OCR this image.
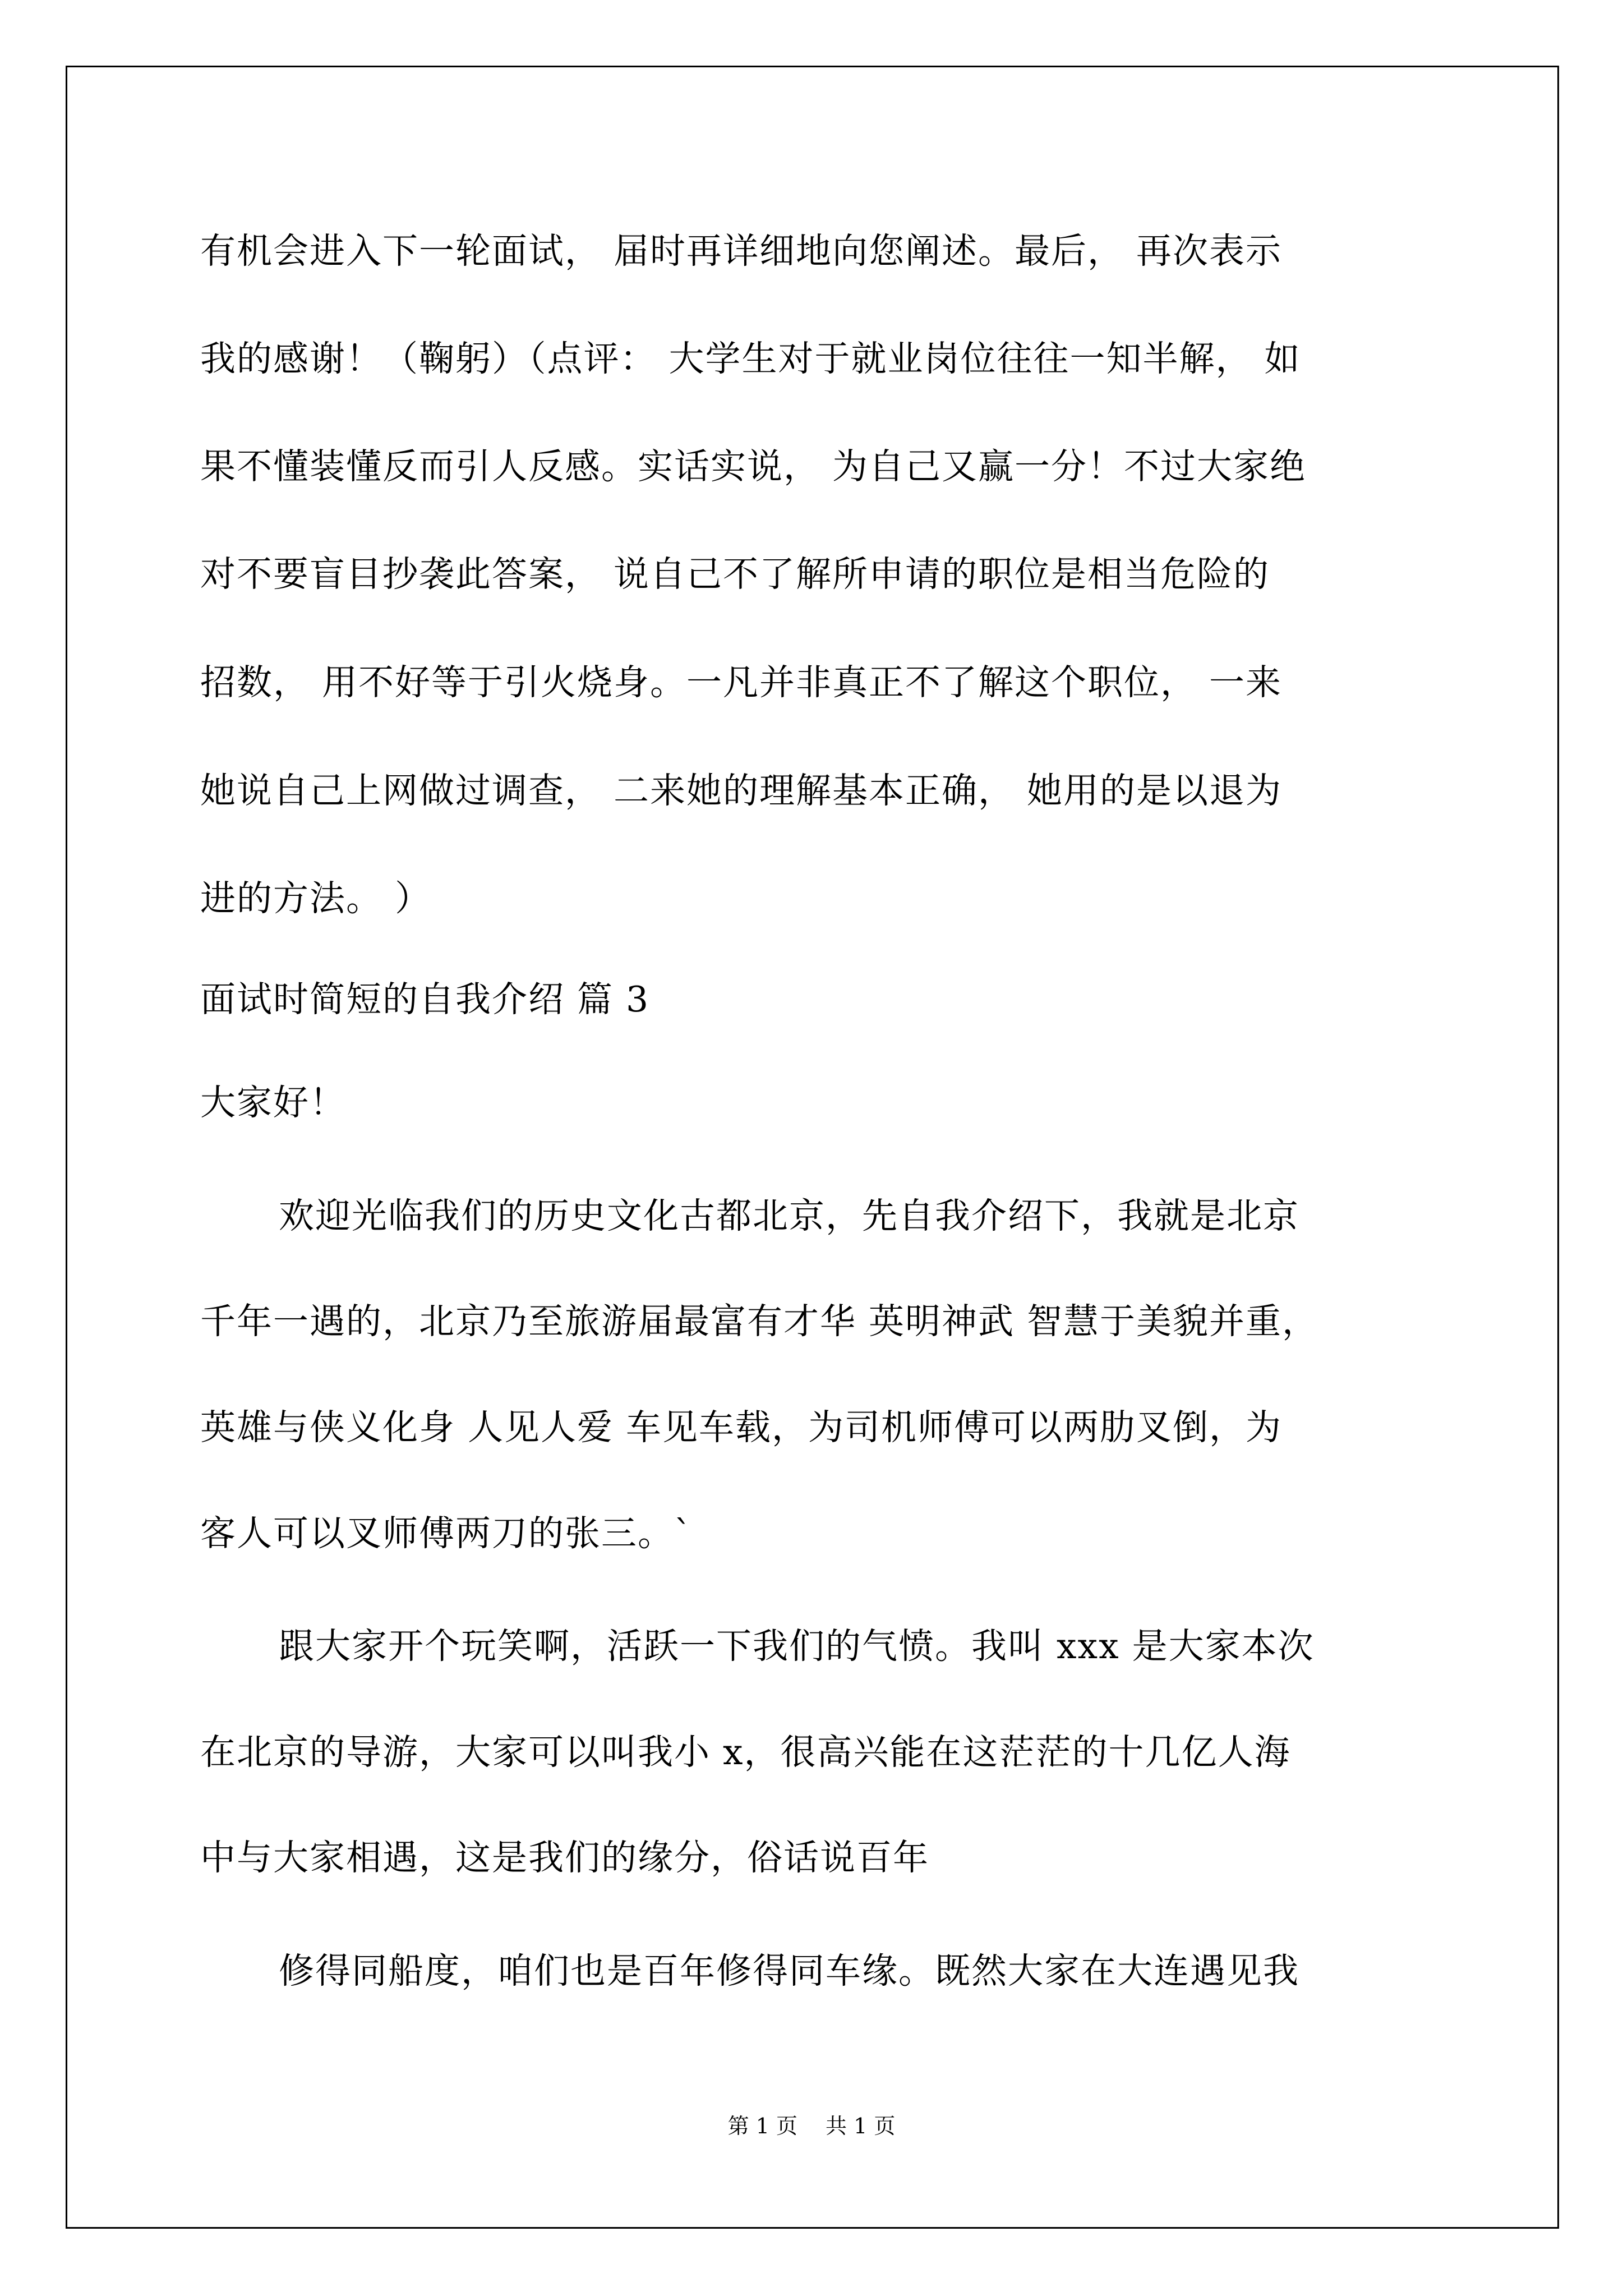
有机会进入下一轮面试， 届时再详细地向您阐述。最后， 再次表示
我的感谢！（鞠躬）（点评： 大学生对于就业岗位往往一知半解， 如
果不懂装懂反而引人反感。实话实说， 为自己又赢一分！不过大家绝
对不要盲目抄袭此答案， 说自己不了解所申请的职位是相当危险的
招数， 用不好等于引火烧身。一凡并非真正不了解这个职位， 一来
她说自己上网做过调查， 二来她的理解基本正确， 她用的是以退为
进的方法。 ）
面试时简短的自我介绍 篇 3
大家好！
欢迎光临我们的历史文化古都北京，先自我介绍下，我就是北京
千年一遇的，北京乃至旅游届最富有才华 英明神武 智慧于美貌并重，
英雄与侠义化身 人见人爱 车见车载，为司机师傅可以两肋叉倒，为
客人可以叉师傅两刀的张三。`
跟大家开个玩笑啊，活跃一下我们的气愤。我叫 xxx 是大家本次
在北京的导游，大家可以叫我小 x，很高兴能在这茫茫的十几亿人海
中与大家相遇，这是我们的缘分，俗话说百年
修得同船度，咱们也是百年修得同车缘。既然大家在大连遇见我
第 1 页　 共 1 页
